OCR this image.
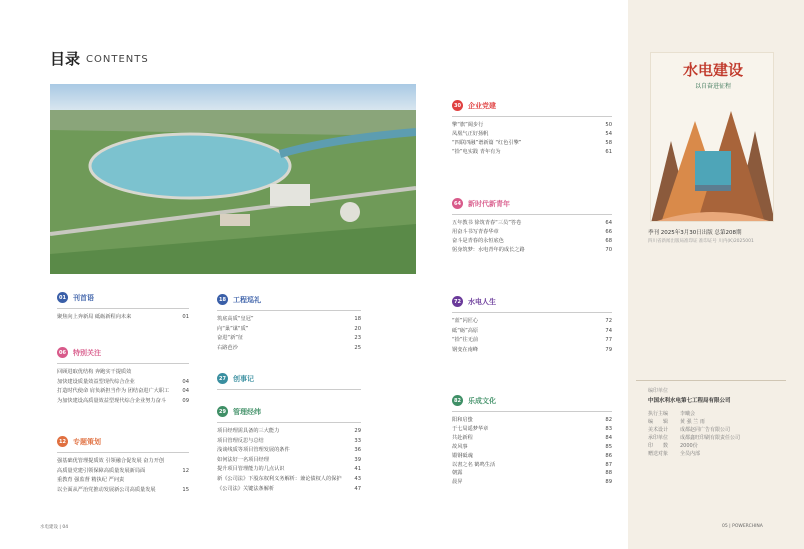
目录 CONTENTS
30 企业党建
擎“旗”阔步行	50
凤凰气正好扬帆	54
“四联四融”谱新篇 “红色引擎”	58
“拾”电实践 青年有为	61
64 新时代新青年
五年教书 徐筑青春“三员”答卷	64
用奋斗书写青春华章	66
奋斗是青春的永恒底色	68
躬身筑梦：水电青年的成长之路	70
01 刊首语
聚焦向上奔新局 砥砺新程向未来	01
06 特别关注
回顾进取优结构 奔跑实干提质效
加快建设质量效益型现代综合企业	04
打造时代使命 肩负新担当作为 团结奋进广大职工	04
为加快建设高质量效益型现代综合企业努力奋斗	09
12 专题策划
强基础优管理提质效 引领融合促发展 奋力开创
高质量党建引领保障高质量发展新局面	12
重教育 强监督 精执纪 严问责
以全面从严治党推动发展新公司高质量发展	15
18 工程巡礼
筑底高质“皇冠”	18
向“巢”谋“质”	20
奋进“新”征	23
右路芭沙	25
27 创事记
29 管理经纬
项目经理需具备的三大能力	29
项目管理反思与总结	33
浅谈线质等项目管理发展的条件	36
如何法好一名项目经理	39
提升项目管理能力的几点认识	41
新《公司法》下股东权利义务解析：兼论债权人的保护 43
《公司法》关键法条解析	47
72 水电人生
“蓝”闪匠心	72
砥“砺”高原	74
“拾”往无前	77
钢变在南峰	79
82 乐成文化
阳和启蛰	82
于七局遥梦华章	83
共赴新程	84
故风事	85
锻钢砥魂	86
以書之名 鹤鸣生活	87
朝露	88
晨昇	89
水电建设
以自奋进征程
季刊 2025年3月30日出版 总第208期
四川省新闻出版局准印证 准印证号 川内(K)2025001
编印单位
中国水利水电第七工程局有限公司
执行主编	李曦会
编　　辑	黄 强 兰 雨
美术设计	成都赵同广告有限公司
承印单位	成都鑫旺印刷有限责任公司
印　　数	2000份
赠送对象	全员内部
水电建设 | 04	05 | POWERCHINA
